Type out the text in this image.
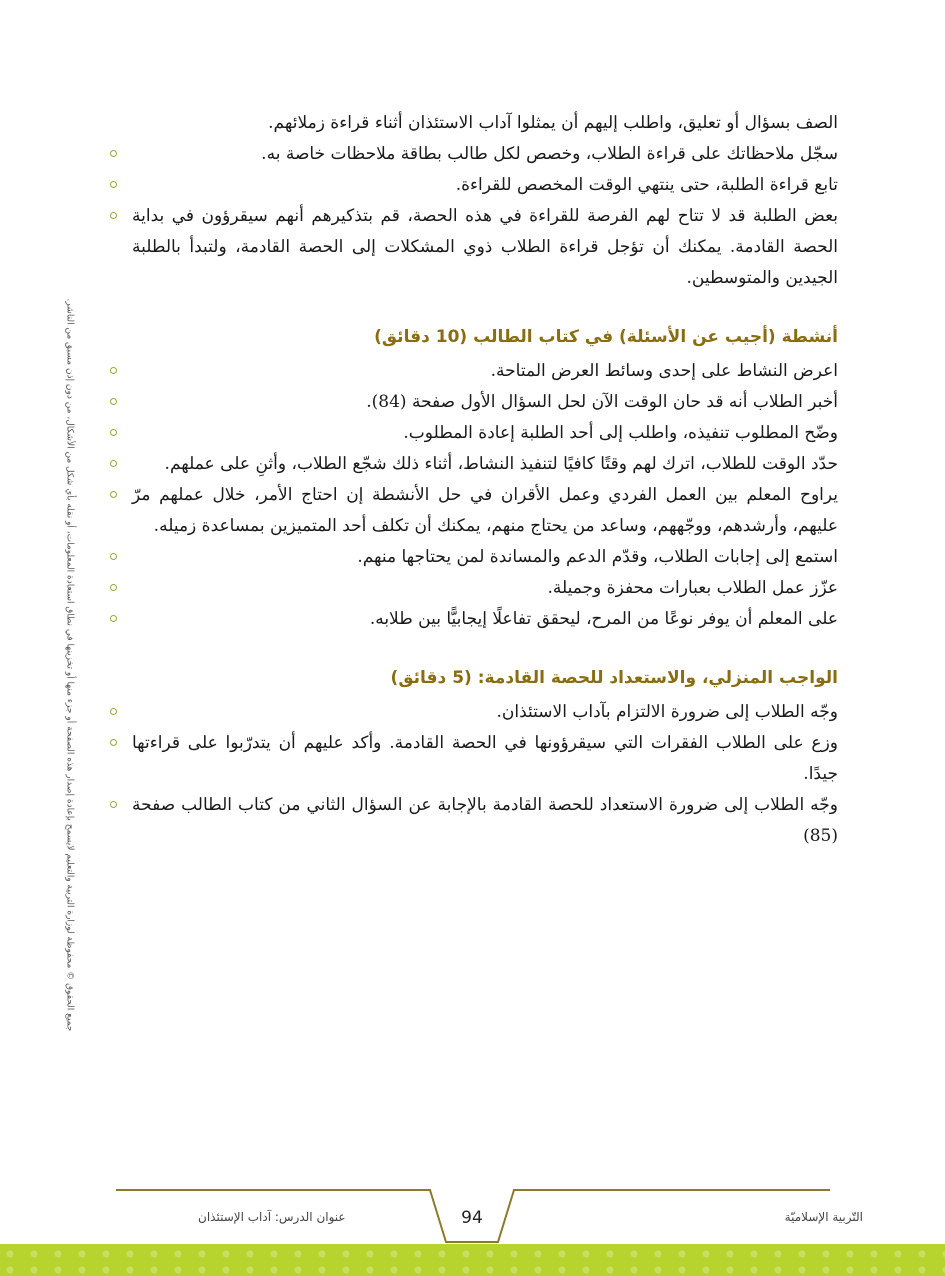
الصف بسؤال أو تعليق، واطلب إليهم أن يمثلوا آداب الاستئذان أثناء قراءة زملائهم.

سجّل ملاحظاتك على قراءة الطلاب، وخصص لكل طالب بطاقة ملاحظات خاصة به.
تابع قراءة الطلبة، حتى ينتهي الوقت المخصص للقراءة.
بعض الطلبة قد لا تتاح لهم الفرصة للقراءة في هذه الحصة، قم بتذكيرهم أنهم سيقرؤون في بداية الحصة القادمة. يمكنك أن تؤجل قراءة الطلاب ذوي المشكلات إلى الحصة القادمة، ولتبدأ بالطلبة الجيدين والمتوسطين.
أنشطة (أجيب عن الأسئلة) في كتاب الطالب (10 دقائق)
اعرض النشاط على إحدى وسائط العرض المتاحة.
أخبر الطلاب أنه قد حان الوقت الآن لحل السؤال الأول صفحة (84).
وضّح المطلوب تنفيذه، واطلب إلى أحد الطلبة إعادة المطلوب.
حدّد الوقت للطلاب، اترك لهم وقتًا كافيًا لتنفيذ النشاط، أثناء ذلك شجّع الطلاب، وأثنِ على عملهم.
يراوح المعلم بين العمل الفردي وعمل الأقران في حل الأنشطة إن احتاج الأمر، خلال عملهم مرّ عليهم، وأرشدهم، ووجّههم، وساعد من يحتاج منهم، يمكنك أن تكلف أحد المتميزين بمساعدة زميله.
استمع إلى إجابات الطلاب، وقدّم الدعم والمساندة لمن يحتاجها منهم.
عزّز عمل الطلاب بعبارات محفزة وجميلة.
على المعلم أن يوفر نوعًا من المرح، ليحقق تفاعلًا إيجابيًّا بين طلابه.
الواجب المنزلي، والاستعداد للحصة القادمة: (5 دقائق)
وجّه الطلاب إلى ضرورة الالتزام بآداب الاستئذان.
وزع على الطلاب الفقرات التي سيقرؤونها في الحصة القادمة. وأكد عليهم أن يتدرّبوا على قراءتها جيدًا.
وجّه الطلاب إلى ضرورة الاستعداد للحصة القادمة بالإجابة عن السؤال الثاني من كتاب الطالب صفحة (85)
جميع الحقوق © محفوظة لوزارة التربية والتعليم لايسمح بإعادة إصدار هذه الصفحة أو جزء منها أو تخزينها في نطاق استعادة المعلومات، أو نقله بأي شكل من الأشكال، من دون إذن مسبق من الناشر.
التّربية الإسلاميّة
عنوان الدرس: آداب الإستئذان	94
